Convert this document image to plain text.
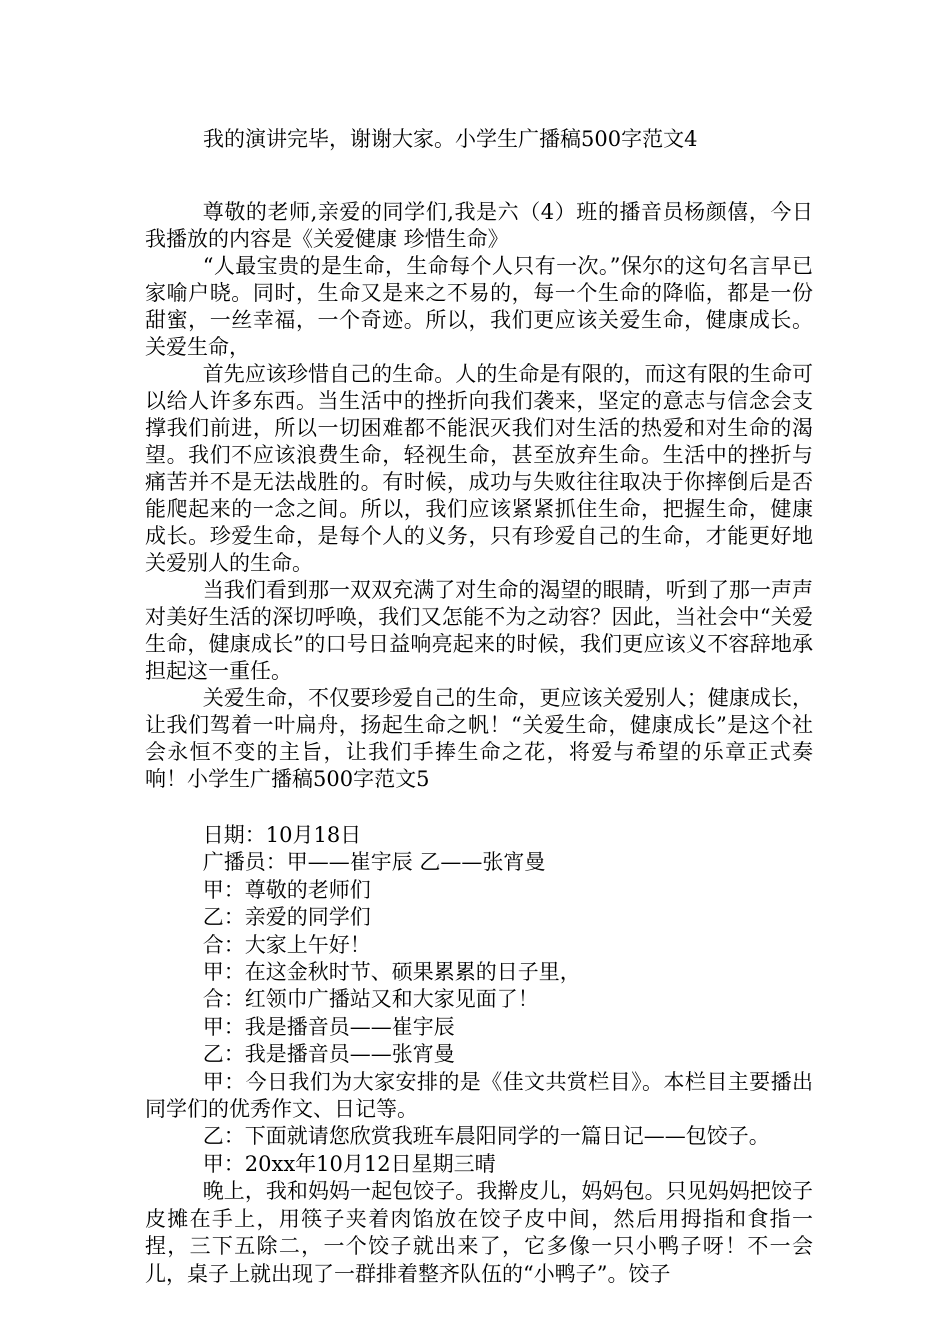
我的演讲完毕，谢谢大家。小学生广播稿500字范文4

尊敬的老师,亲爱的同学们,我是六（4）班的播音员杨颜僖，今日我播放的内容是《关爱健康 珍惜生命》

“人最宝贵的是生命，生命每个人只有一次。”保尔的这句名言早已家喻户晓。同时，生命又是来之不易的，每一个生命的降临，都是一份甜蜜，一丝幸福，一个奇迹。所以，我们更应该关爱生命，健康成长。 关爱生命，

首先应该珍惜自己的生命。人的生命是有限的，而这有限的生命可以给人许多东西。当生活中的挫折向我们袭来，坚定的意志与信念会支撑我们前进，所以一切困难都不能泯灭我们对生活的热爱和对生命的渴望。我们不应该浪费生命，轻视生命，甚至放弃生命。生活中的挫折与痛苦并不是无法战胜的。有时候，成功与失败往往取决于你摔倒后是否能爬起来的一念之间。所以，我们应该紧紧抓住生命，把握生命，健康成长。珍爱生命，是每个人的义务，只有珍爱自己的生命，才能更好地关爱别人的生命。

当我们看到那一双双充满了对生命的渴望的眼睛，听到了那一声声对美好生活的深切呼唤，我们又怎能不为之动容？因此，当社会中“关爱生命，健康成长”的口号日益响亮起来的时候，我们更应该义不容辞地承担起这一重任。

关爱生命，不仅要珍爱自己的生命，更应该关爱别人；健康成长，让我们驾着一叶扁舟，扬起生命之帆！“关爱生命，健康成长”是这个社会永恒不变的主旨，让我们手捧生命之花，将爱与希望的乐章正式奏响！小学生广播稿500字范文5

日期：10月18日

广播员：甲——崔宇辰 乙——张宵曼

甲：尊敬的老师们

乙：亲爱的同学们

合：大家上午好！

甲：在这金秋时节、硕果累累的日子里，

合：红领巾广播站又和大家见面了！

甲：我是播音员——崔宇辰

乙：我是播音员——张宵曼

甲：今日我们为大家安排的是《佳文共赏栏目》。本栏目主要播出同学们的优秀作文、日记等。

乙：下面就请您欣赏我班车晨阳同学的一篇日记——包饺子。

甲：20xx年10月12日星期三晴

晚上，我和妈妈一起包饺子。我擀皮儿，妈妈包。只见妈妈把饺子皮摊在手上，用筷子夹着肉馅放在饺子皮中间，然后用拇指和食指一捏，三下五除二，一个饺子就出来了，它多像一只小鸭子呀！不一会儿，桌子上就出现了一群排着整齐队伍的“小鸭子”。饺子
